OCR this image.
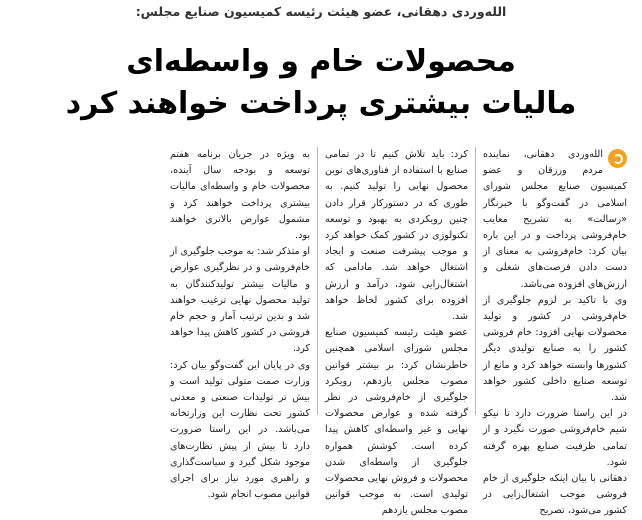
الله‌وردی دهقانی، عضو هیئت رئیسه کمیسیون صنایع مجلس:
محصولات خام و واسطه‌ای
مالیات بیشتری پرداخت خواهند کرد

الله‌وردی دهقانی، نماینده مردم ورزقان و عضو کمیسیون صنایع مجلس شورای اسلامی در گفت‌وگو با خبرنگار «رسالت» به تشریح معایب خام‌فروشی پرداخت و در این باره بیان کرد: خام‌فروشی به معنای از دست دادن فرصت‌های شغلی و ارزش‌های افزوده می‌باشد.

وی با تاکید بر لزوم جلوگیری از خام‌فروشی در کشور و تولید محصولات نهایی افزود: خام فروشی کشور را به صنایع تولیدی دیگر کشورها وابسته خواهد کرد و مانع از توسعه صنایع داخلی کشور خواهد شد.

در این راستا ضرورت دارد تا نیکو شیم خام‌فروشی صورت نگیرد و از تمامی ظرفیت صنایع بهره گرفته شود.

دهقانی با بیان اینکه جلوگیری از خام فروشی موجب اشتغال‌زایی در کشور می‌شود، تصریح

کرد: باید تلاش کنیم تا در تمامی صنایع با استفاده از فناوری‌های نوین محصول نهایی را تولید کنیم. به طوری که در دستورکار قرار دادن چنین رویکردی به بهبود و توسعه تکنولوژی در کشور کمک خواهد کرد و موجب پیشرفت صنعت و ایجاد اشتغال خواهد شد. مادامی که اشتغال‌زایی شود، درآمد و ارزش افزوده برای کشور لحاظ خواهد شد.

عضو هیئت رئیسه کمیسیون صنایع مجلس شورای اسلامی همچنین خاطرنشان کرد: بر بیشتر قوانین مصوب مجلس یازدهم، رویکرد جلوگیری از خام‌فروشی در نظر گرفته شده و عوارض محصولات نهایی و غیر واسطه‌ای کاهش پیدا کرده است. کوشش همواره جلوگیری از واسطه‌ای شدن محصولات و فروش نهایی محصولات تولیدی است. به موجب قوانین مصوب مجلس یازدهم

به ویژه در جریان برنامه هفتم توسعه و بودجه سال آینده، محصولات خام و واسطه‌ای مالیات بیشتری پرداخت خواهند کرد و مشمول عوارض بالاتری خواهند بود.

او متذکر شد: به موجب جلوگیری از خام‌فروشی و در نظرگیری عوارض و مالیات بیشتر تولیدکنندگان به تولید محصول نهایی ترغیب خواهند شد و بدین ترتیب آمار و حجم خام فروشی در کشور کاهش پیدا خواهد کرد.

وی در پایان این گفت‌وگو بیان کرد: وزارت صمت متولی تولید است و بیش تر تولیدات صنعتی و معدنی کشور تحت نظارت این وزارتخانه می‌باشد. در این راستا ضرورت دارد تا بیش از پیش نظارت‌های موجود شکل گیرد و سیاست‌گذاری و راهبری مورد نیاز برای اجرای قوانین مصوب انجام شود.
